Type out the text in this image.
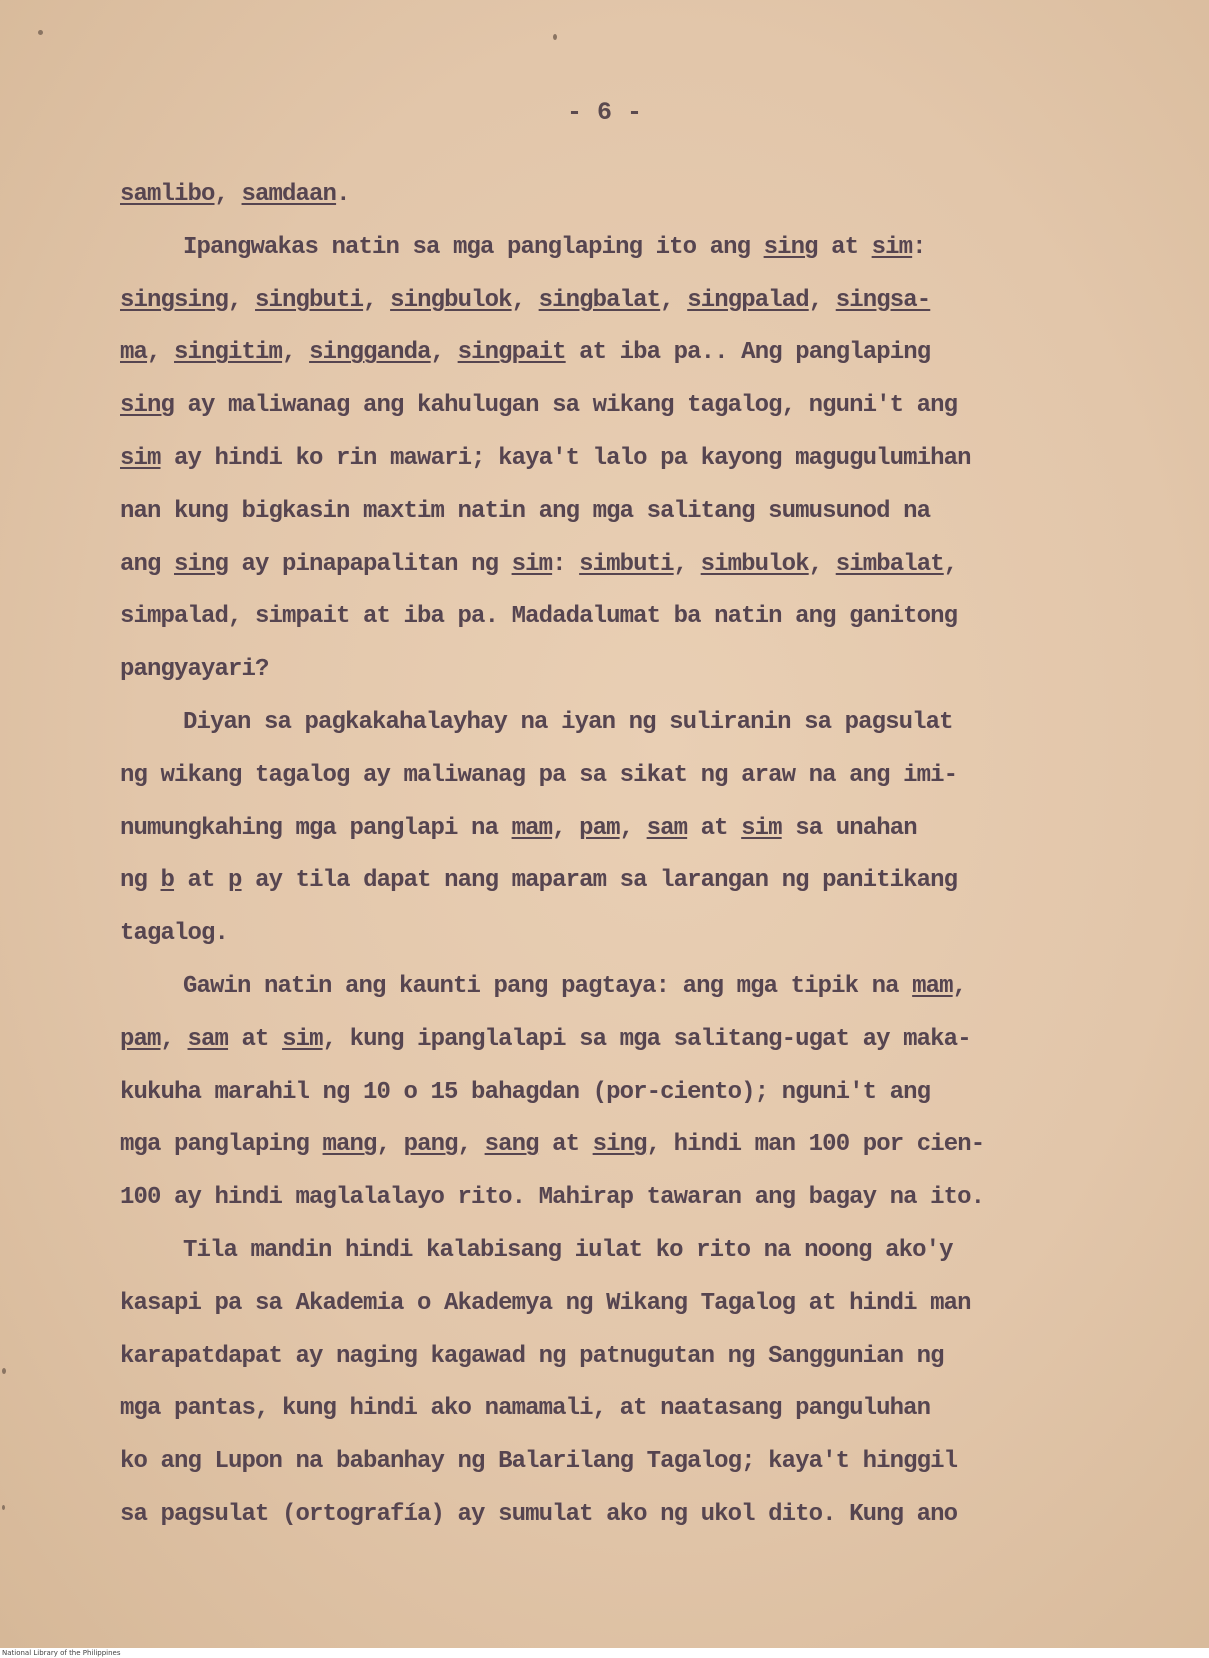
- 6 -
samlibo, samdaan.
Ipangwakas natin sa mga panglaping ito ang sing at sim:
singsing, singbuti, singbulok, singbalat, singpalad, singsa-
ma, singitim, singganda, singpait at iba pa.. Ang panglaping
sing ay maliwanag ang kahulugan sa wikang tagalog, nguni't ang
sim ay hindi ko rin mawari; kaya't lalo pa kayong magugulumihan
nan kung bigkasin maxtim natin ang mga salitang sumusunod na
ang sing ay pinapapalitan ng sim: simbuti, simbulok, simbalat,
simpalad, simpait at iba pa. Madadalumat ba natin ang ganitong
pangyayari?
Diyan sa pagkakahalayhay na iyan ng suliranin sa pagsulat
ng wikang tagalog ay maliwanag pa sa sikat ng araw na ang imi-
numungkahing mga panglapi na mam, pam, sam at sim sa unahan
ng b at p ay tila dapat nang maparam sa larangan ng panitikang
tagalog.
Gawin natin ang kaunti pang pagtaya: ang mga tipik na mam,
pam, sam at sim, kung ipanglalapi sa mga salitang-ugat ay maka-
kukuha marahil ng 10 o 15 bahagdan (por-ciento); nguni't ang
mga panglaping mang, pang, sang at sing, hindi man 100 por cien-
100 ay hindi maglalalayo rito. Mahirap tawaran ang bagay na ito.
Tila mandin hindi kalabisang iulat ko rito na noong ako'y
kasapi pa sa Akademia o Akademya ng Wikang Tagalog at hindi man
karapatdapat ay naging kagawad ng patnugutan ng Sanggunian ng
mga pantas, kung hindi ako namamali, at naatasang panguluhan
ko ang Lupon na babanhay ng Balarilang Tagalog; kaya't hinggil
sa pagsulat (ortografía) ay sumulat ako ng ukol dito. Kung ano
National Library of the Philippines
